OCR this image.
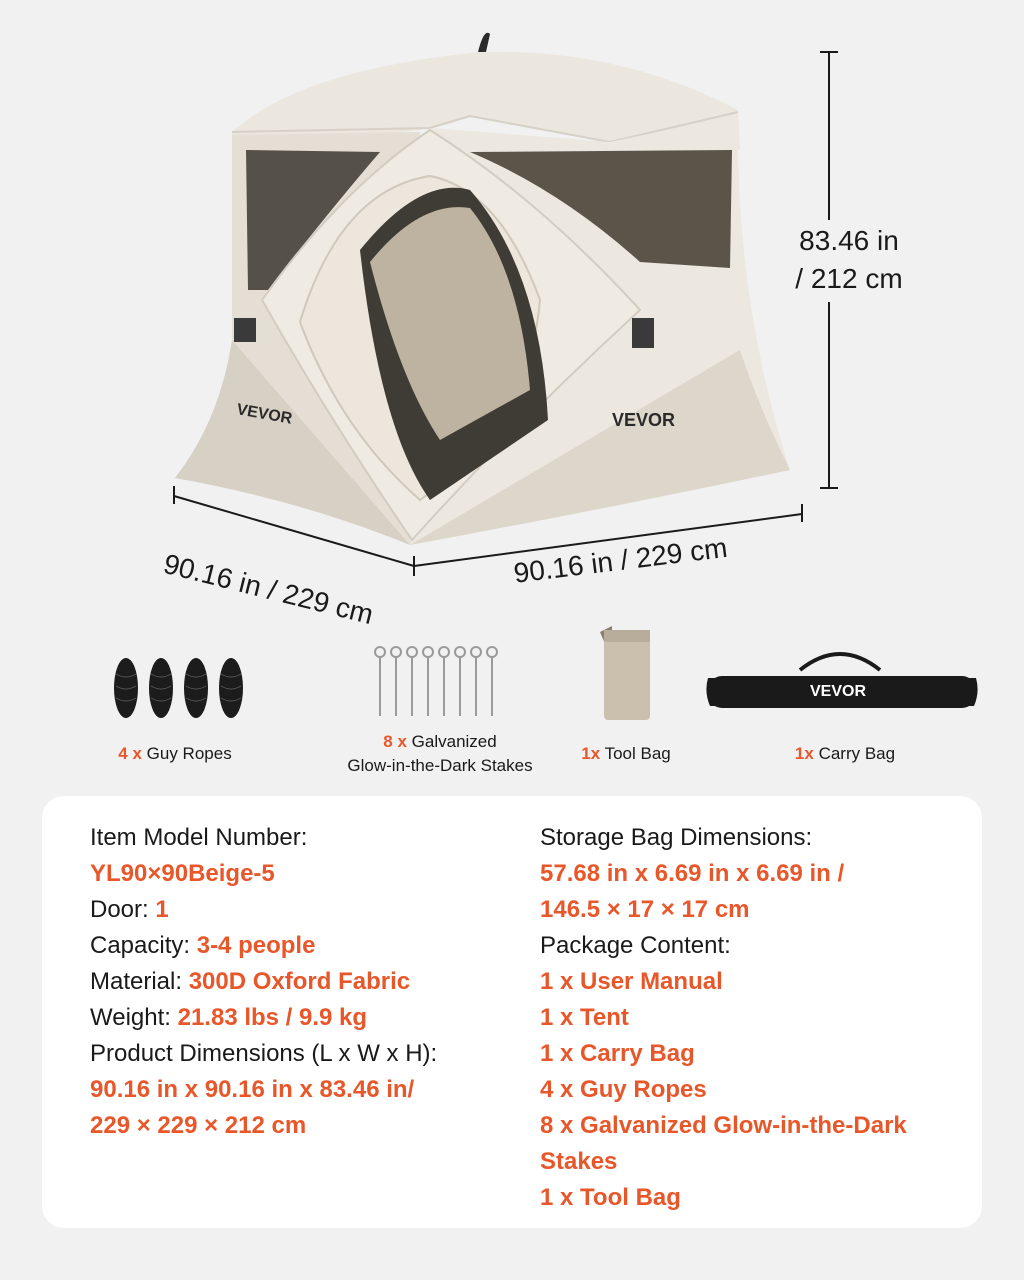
VEVOR	VEVOR
83.46 in
/ 212 cm
90.16 in / 229 cm	90.16 in / 229 cm
VEVOR
4 x Guy Ropes
8 x Galvanized
Glow-in-the-Dark Stakes
1x Tool Bag	1x Carry Bag
Item Model Number:
YL90×90Beige-5
Door: 1
Capacity: 3-4 people
Material: 300D Oxford Fabric
Weight: 21.83 lbs / 9.9 kg
Product Dimensions (L x W x H):
90.16 in x 90.16 in x 83.46 in/
229 × 229 × 212 cm
Storage Bag Dimensions:
57.68 in x 6.69 in x 6.69 in /
146.5 × 17 × 17 cm
Package Content:
1 x User Manual
1 x Tent
1 x Carry Bag
4 x Guy Ropes
8 x Galvanized Glow-in-the-Dark
Stakes
1 x Tool Bag
